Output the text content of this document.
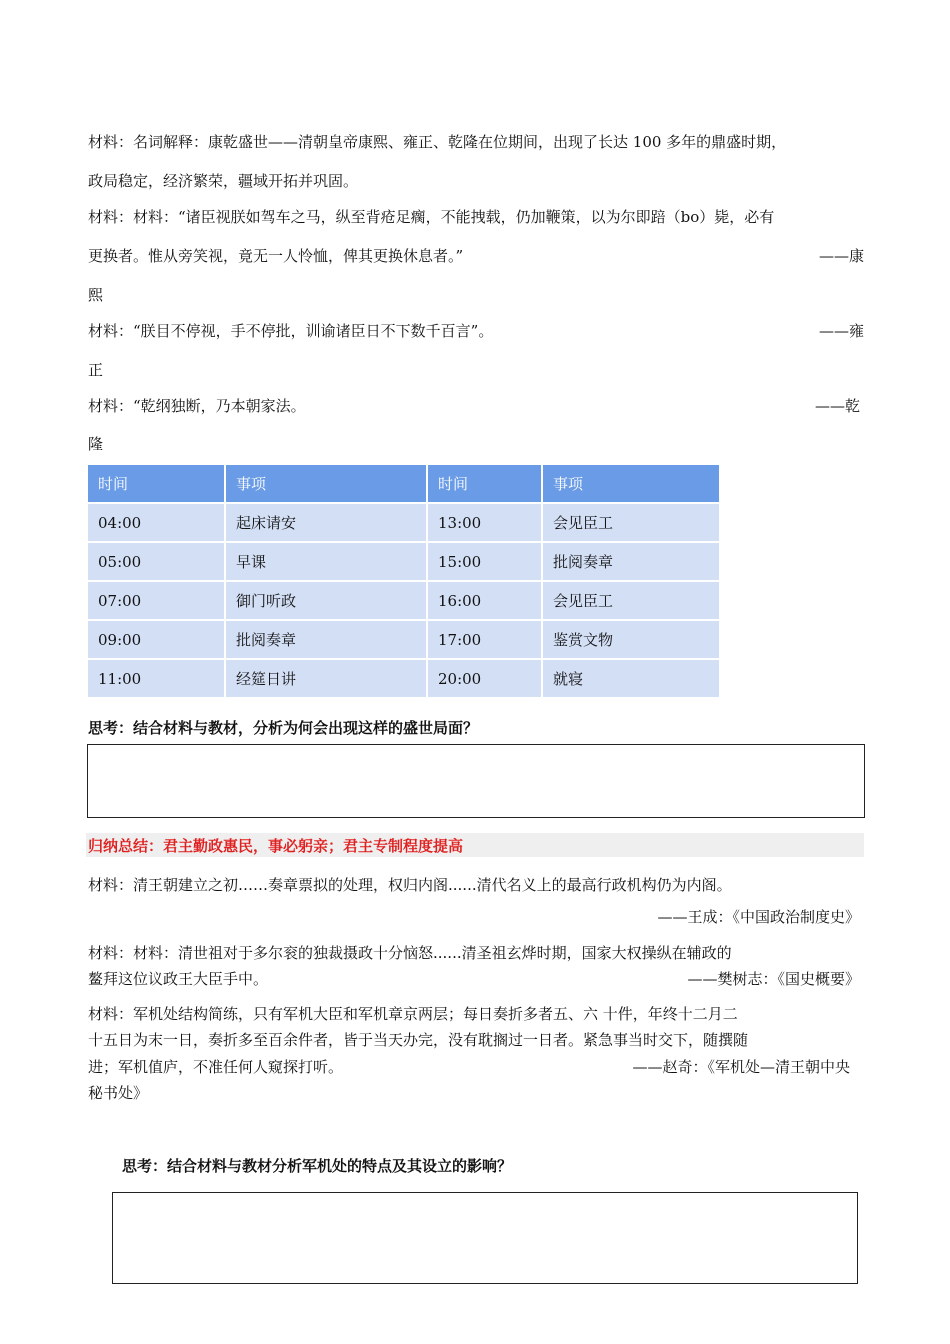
材料：名词解释：康乾盛世——清朝皇帝康熙、雍正、乾隆在位期间，出现了长达 100 多年的鼎盛时期，
政局稳定，经济繁荣，疆域开拓并巩固。
材料：材料：“诸臣视朕如驾车之马，纵至背疮足瘸，不能拽载，仍加鞭策，以为尔即踣（bo）毙，必有
更换者。惟从旁笑视，竟无一人怜恤，俾其更换休息者。”	——康
熙
材料：“朕目不停视，手不停批，训谕诸臣日不下数千百言”。	——雍
正
材料：“乾纲独断，乃本朝家法。	——乾
隆
时间	事项	时间	事项
04:00	起床请安	13:00	会见臣工
05:00	早课	15:00	批阅奏章
07:00	御门听政	16:00	会见臣工
09:00	批阅奏章	17:00	鉴赏文物
11:00	经筵日讲	20:00	就寝
思考：结合材料与教材，分析为何会出现这样的盛世局面？
归纳总结：君主勤政惠民，事必躬亲；君主专制程度提高
材料：清王朝建立之初……奏章票拟的处理，权归内阁......清代名义上的最高行政机构仍为内阁。
——王成：《中国政治制度史》
材料：材料：清世祖对于多尔衮的独裁摄政十分恼怒......清圣祖玄烨时期，国家大权操纵在辅政的
鳌拜这位议政王大臣手中。	——樊树志：《国史概要》
材料：军机处结构简练，只有军机大臣和军机章京两层；每日奏折多者五、六 十件，年终十二月二
十五日为末一日，奏折多至百余件者，皆于当天办完，没有耽搁过一日者。紧急事当时交下，随撰随
进；军机值庐，不准任何人窥探打听。	——赵奇：《军机处—清王朝中央
秘书处》
思考：结合材料与教材分析军机处的特点及其设立的影响？
